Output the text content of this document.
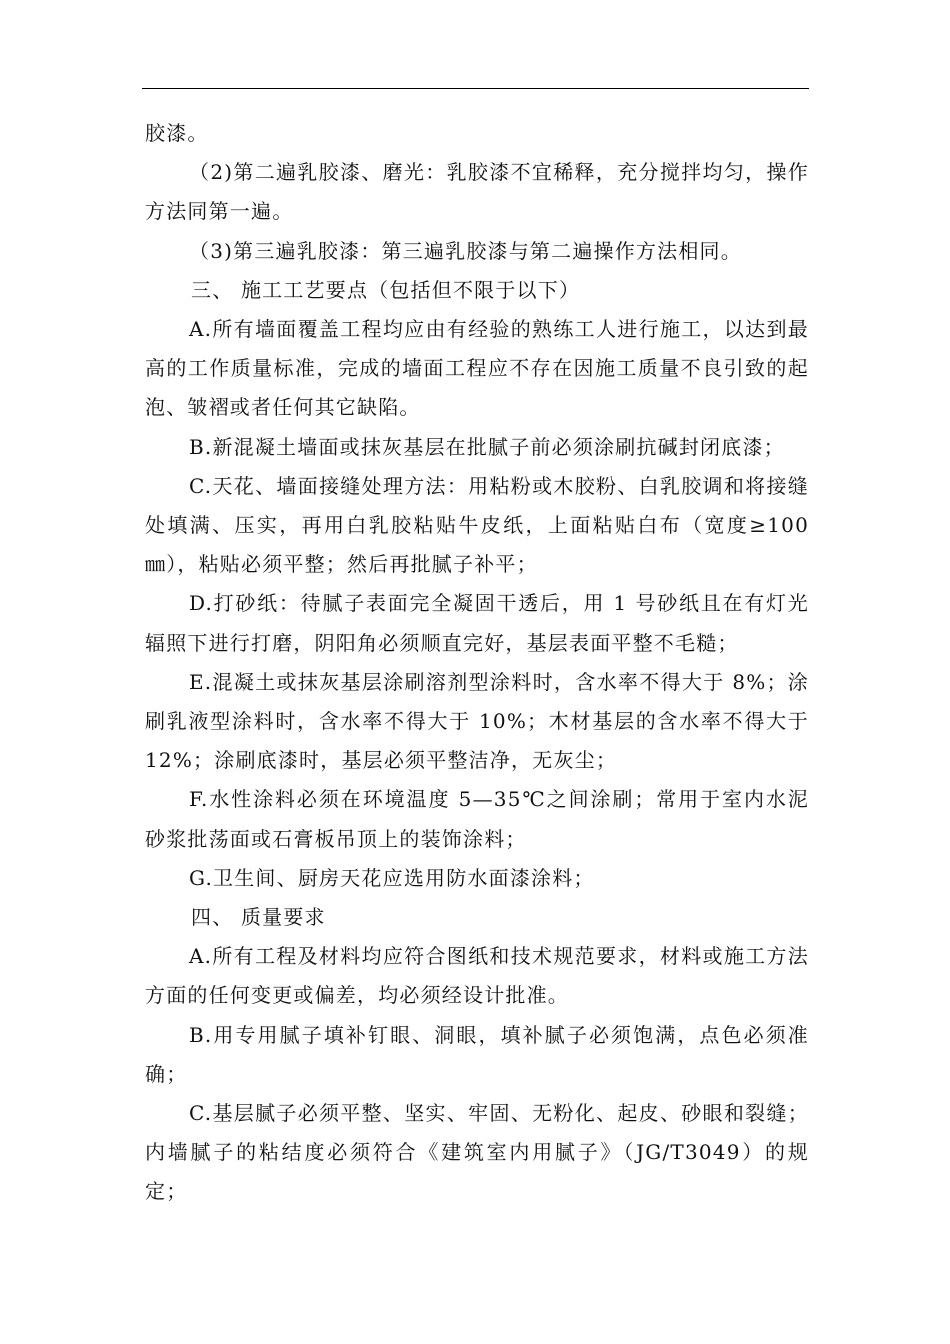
胶漆。

（2)第二遍乳胶漆、磨光：乳胶漆不宜稀释，充分搅拌均匀，操作方法同第一遍。

（3)第三遍乳胶漆：第三遍乳胶漆与第二遍操作方法相同。

三、 施工工艺要点（包括但不限于以下）

A.所有墙面覆盖工程均应由有经验的熟练工人进行施工，以达到最高的工作质量标准，完成的墙面工程应不存在因施工质量不良引致的起泡、皱褶或者任何其它缺陷。

B.新混凝土墙面或抹灰基层在批腻子前必须涂刷抗碱封闭底漆；

C.天花、墙面接缝处理方法：用粘粉或木胶粉、白乳胶调和将接缝处填满、压实，再用白乳胶粘贴牛皮纸，上面粘贴白布（宽度≥100㎜），粘贴必须平整；然后再批腻子补平；

D.打砂纸：待腻子表面完全凝固干透后，用 1 号砂纸且在有灯光辐照下进行打磨，阴阳角必须顺直完好，基层表面平整不毛糙；

E.混凝土或抹灰基层涂刷溶剂型涂料时，含水率不得大于 8%；涂刷乳液型涂料时，含水率不得大于 10%；木材基层的含水率不得大于 12%；涂刷底漆时，基层必须平整洁净，无灰尘；

F.水性涂料必须在环境温度 5—35℃之间涂刷；常用于室内水泥砂浆批荡面或石膏板吊顶上的装饰涂料；

G.卫生间、厨房天花应选用防水面漆涂料；

四、 质量要求

A.所有工程及材料均应符合图纸和技术规范要求，材料或施工方法方面的任何变更或偏差，均必须经设计批准。

B.用专用腻子填补钉眼、洞眼，填补腻子必须饱满，点色必须准确；

C.基层腻子必须平整、坚实、牢固、无粉化、起皮、砂眼和裂缝；内墙腻子的粘结度必须符合《建筑室内用腻子》（JG/T3049）的规定；
